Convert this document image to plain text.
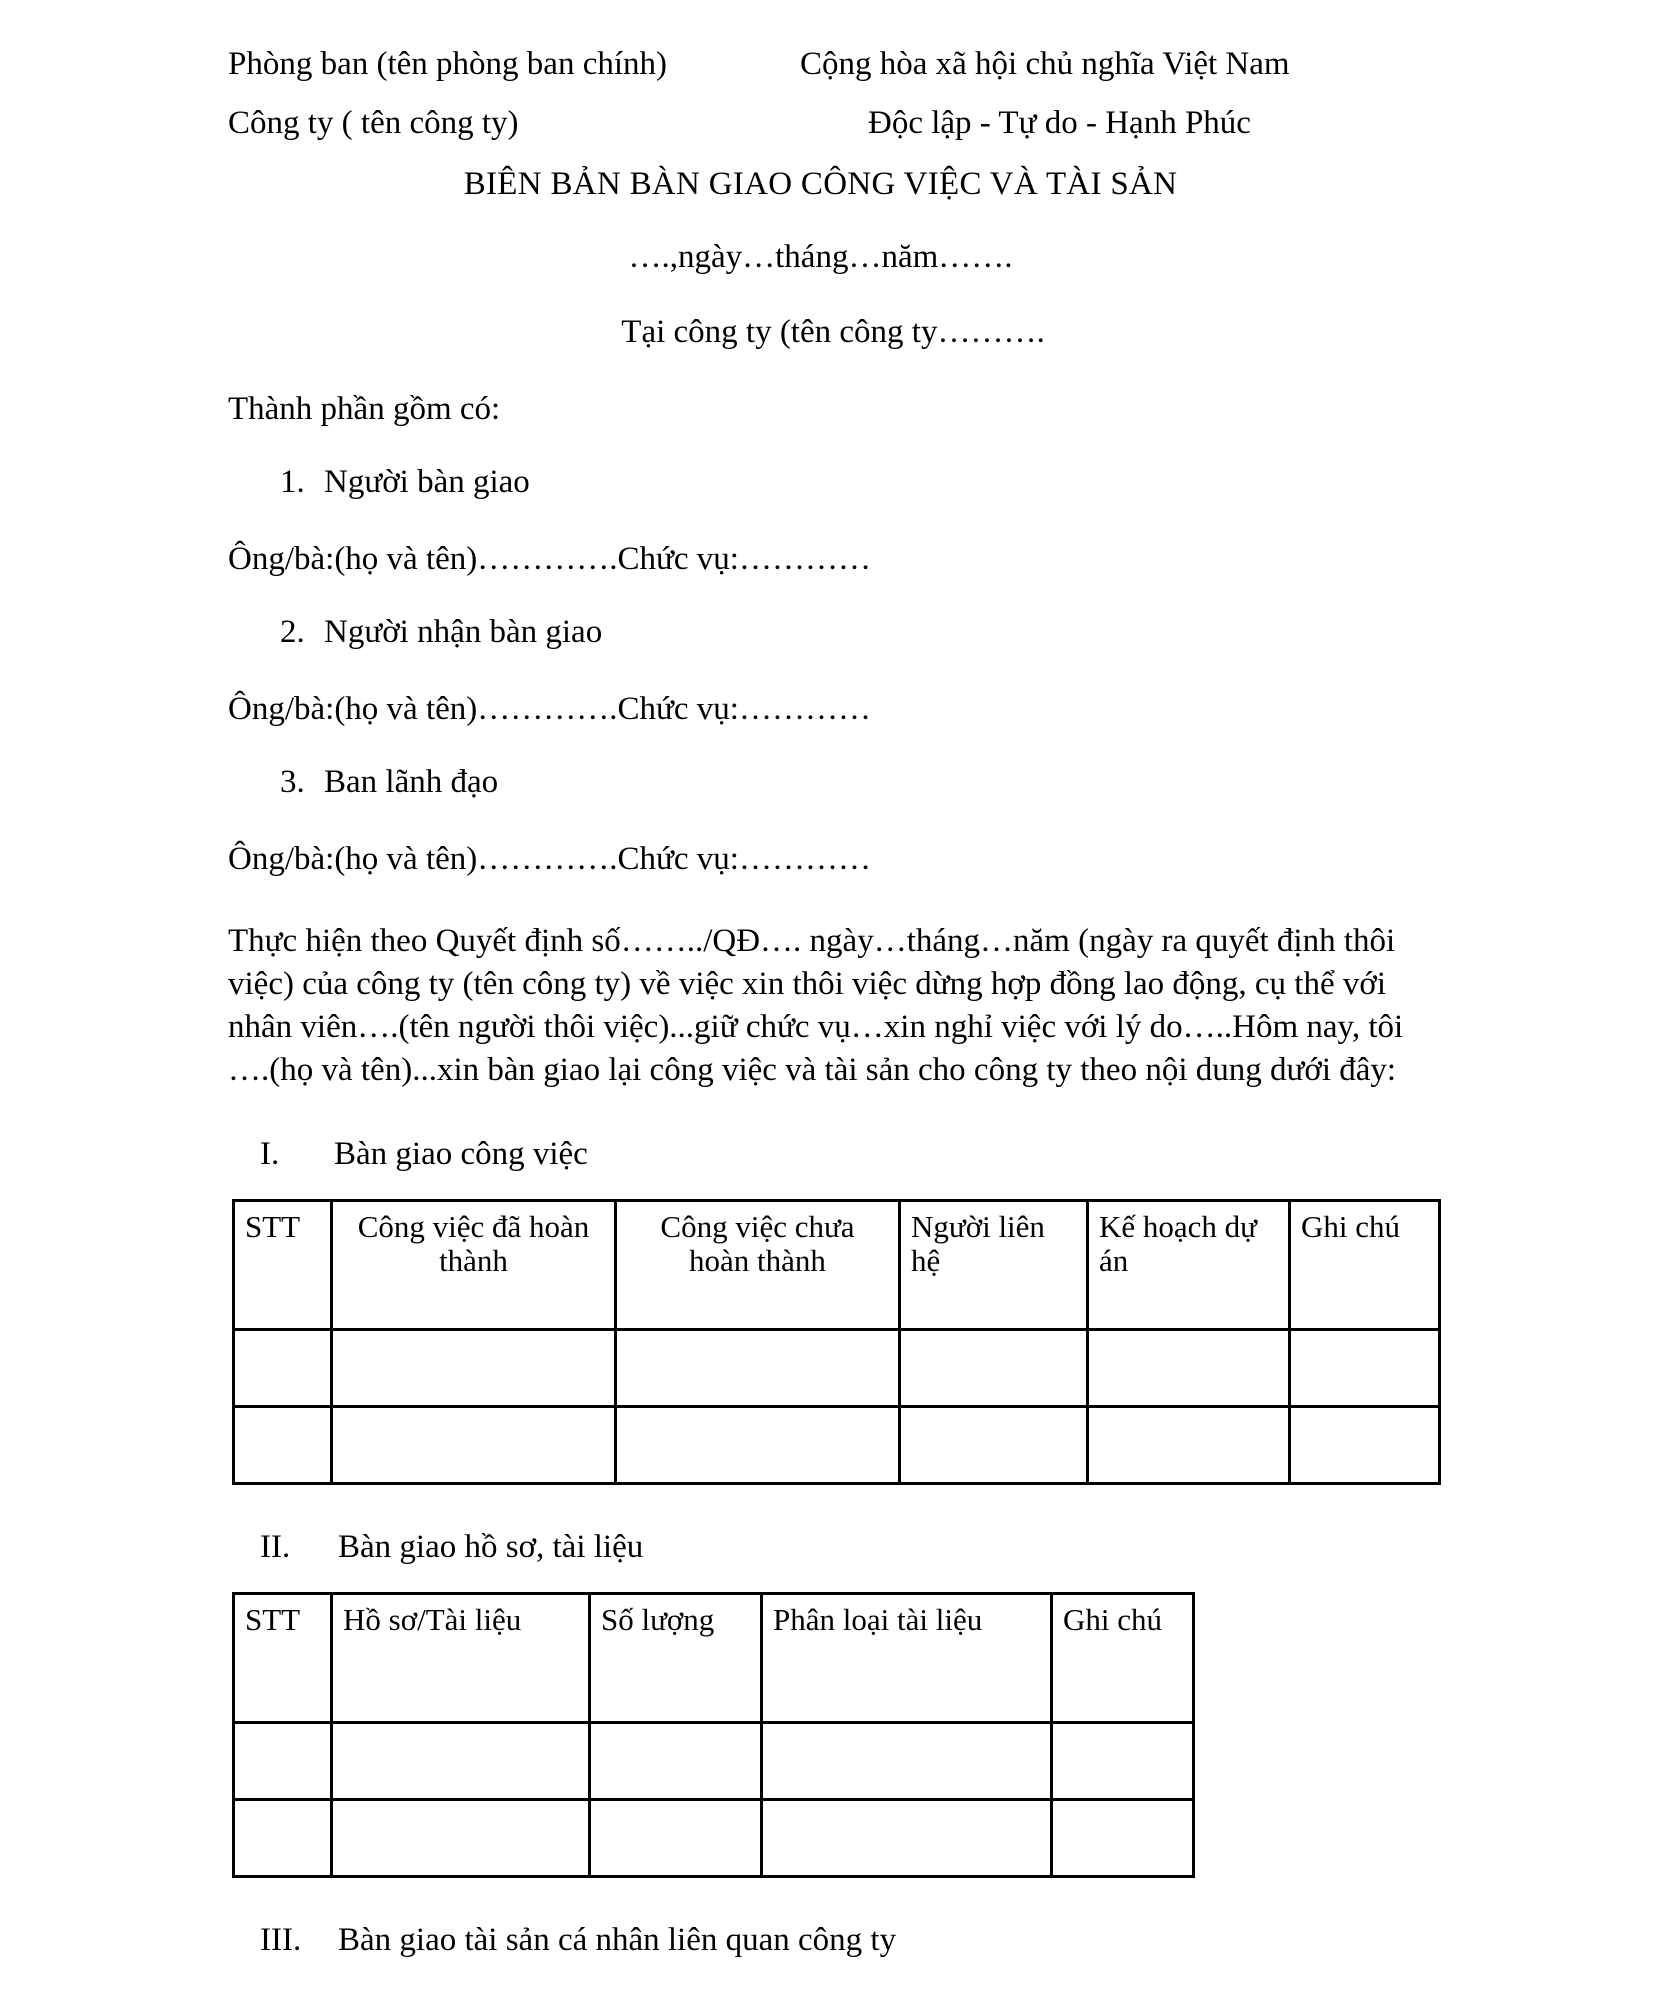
Phòng ban (tên phòng ban chính)	Cộng hòa xã hội chủ nghĩa Việt Nam
Công ty ( tên công ty)	Độc lập - Tự do - Hạnh Phúc
BIÊN BẢN BÀN GIAO CÔNG VIỆC VÀ TÀI SẢN
….,ngày…tháng…năm…….
Tại công ty (tên công ty……….
Thành phần gồm có:
1. Người bàn giao
Ông/bà:(họ và tên)………….Chức vụ:…………
2. Người nhận bàn giao
Ông/bà:(họ và tên)………….Chức vụ:…………
3. Ban lãnh đạo
Ông/bà:(họ và tên)………….Chức vụ:…………
Thực hiện theo Quyết định số……../QĐ…. ngày…tháng…năm (ngày ra quyết định thôi việc) của công ty (tên công ty) về việc xin thôi việc dừng hợp đồng lao động, cụ thể với nhân viên….(tên người thôi việc)...giữ chức vụ…xin nghỉ việc với lý do…..Hôm nay, tôi ….(họ và tên)...xin bàn giao lại công việc và tài sản cho công ty theo nội dung dưới đây:
I. Bàn giao công việc
STT	Công việc đã hoàn thành	Công việc chưa hoàn thành	Người liên hệ	Kế hoạch dự án	Ghi chú

II. Bàn giao hồ sơ, tài liệu
STT	Hồ sơ/Tài liệu	Số lượng	Phân loại tài liệu	Ghi chú

III. Bàn giao tài sản cá nhân liên quan công ty
